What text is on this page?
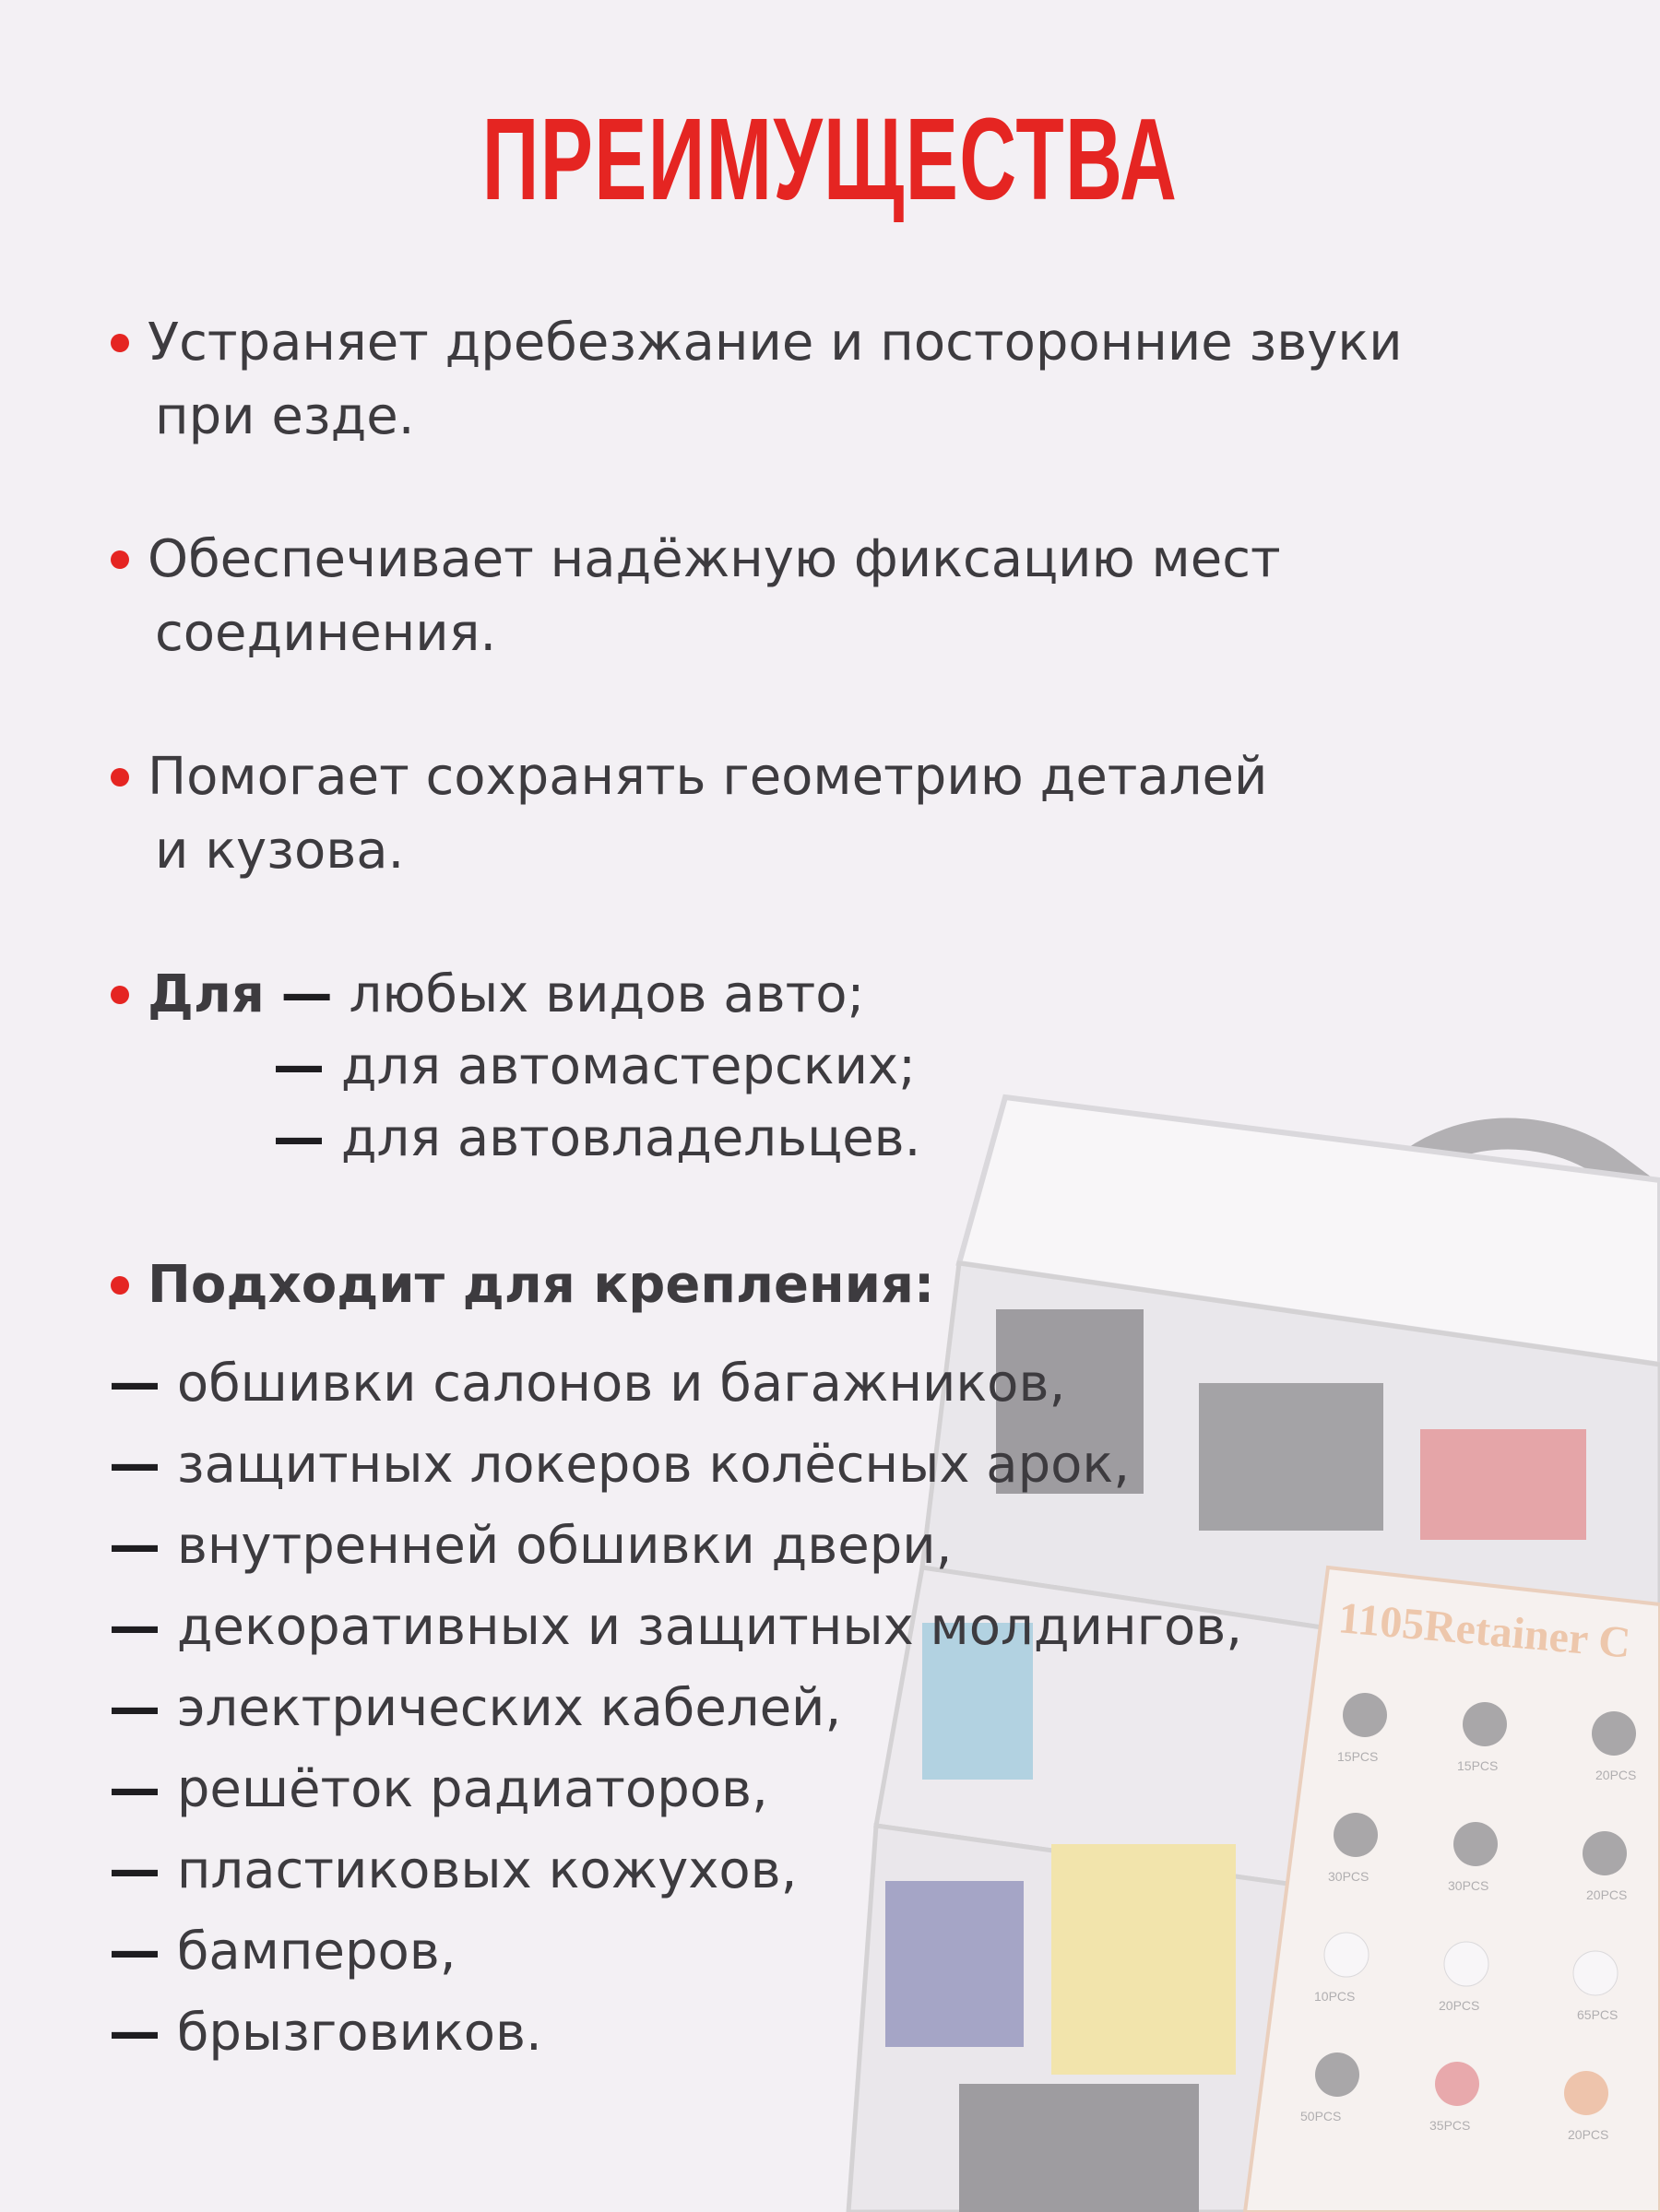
1105Retainer C
15PCS
15PCS
20PCS
30PCS
30PCS
20PCS
10PCS
20PCS
65PCS
50PCS
35PCS
20PCS
ПРЕИМУЩЕСТВА
Устраняет дребезжание и посторонние звуки
при езде.
Обеспечивает надёжную фиксацию мест
соединения.
Помогает сохранять геометрию деталей
и кузова.
Для — любых видов авто;
— для автомастерских;
— для автовладельцев.
Подходит для крепления:
— обшивки салонов и багажников,
— защитных локеров колёсных арок,
— внутренней обшивки двери,
— декоративных и защитных молдингов,
— электрических кабелей,
— решёток радиаторов,
— пластиковых кожухов,
— бамперов,
— брызговиков.
